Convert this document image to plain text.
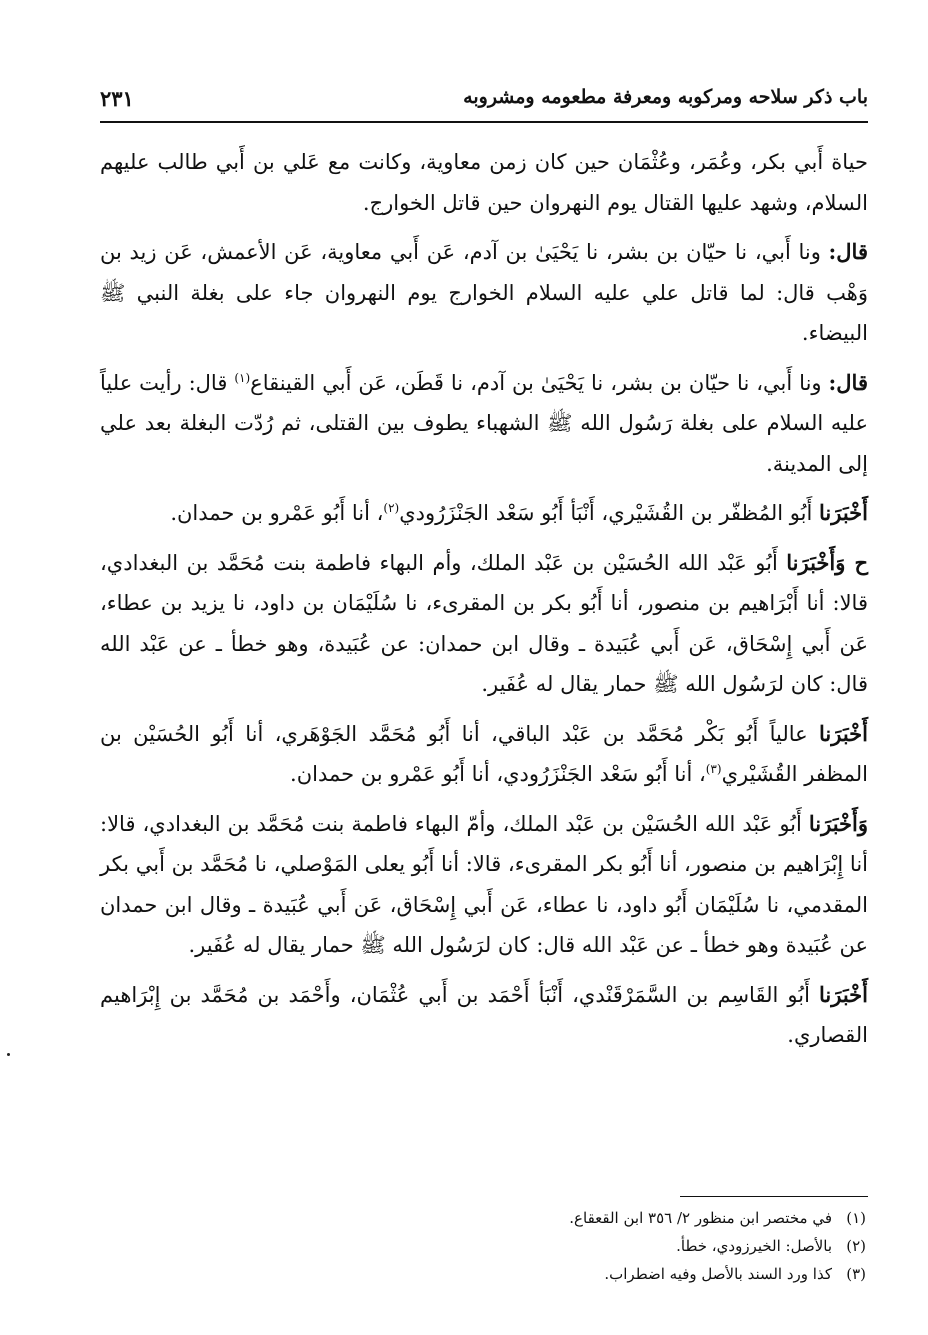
باب ذكر سلاحه ومركوبه ومعرفة مطعومه ومشروبه
٢٣١

حياة أَبي بكر، وعُمَر، وعُثْمَان حين كان زمن معاوية، وكانت مع عَلي بن أَبي طالب عليهم السلام، وشهد عليها القتال يوم النهروان حين قاتل الخوارج.

قال: ونا أَبي، نا حيّان بن بشر، نا يَحْيَىٰ بن آدم، عَن أَبي معاوية، عَن الأعمش، عَن زيد بن وَهْب قال: لما قاتل علي عليه السلام الخوارج يوم النهروان جاء على بغلة النبي ﷺ البيضاء.

قال: ونا أَبي، نا حيّان بن بشر، نا يَحْيَىٰ بن آدم، نا قَطَن، عَن أَبي القينقاع$^{(١)}$ قال: رأيت علياً عليه السلام على بغلة رَسُول الله ﷺ الشهباء يطوف بين القتلى، ثم رُدّت البغلة بعد علي إلى المدينة.

أَخْبَرَنا أَبُو المُظفّر بن القُشَيْري، أَنْبَأ أَبُو سَعْد الجَنْزَرُودي$^{(٢)}$، أنا أَبُو عَمْرو بن حمدان.

ح وَأَخْبَرَنا أَبُو عَبْد الله الحُسَيْن بن عَبْد الملك، وأم البهاء فاطمة بنت مُحَمَّد بن البغدادي، قالا: أنا أَبْرَاهيم بن منصور، أنا أَبُو بكر بن المقرىء، نا سُلَيْمَان بن داود، نا يزيد بن عطاء، عَن أَبي إِسْحَاق، عَن أَبي عُبَيدة ـ وقال ابن حمدان: عن عُبَيدة، وهو خطأ ـ عن عَبْد الله قال: كان لرَسُول الله ﷺ حمار يقال له عُفَير.

أَخْبَرَنا عالياً أَبُو بَكْر مُحَمَّد بن عَبْد الباقي، أنا أَبُو مُحَمَّد الجَوْهَري، أنا أَبُو الحُسَيْن بن المظفر القُشَيْري$^{(٣)}$، أنا أَبُو سَعْد الجَنْزَرُودي، أنا أَبُو عَمْرو بن حمدان.

وَأَخْبَرَنا أَبُو عَبْد الله الحُسَيْن بن عَبْد الملك، وأمّ البهاء فاطمة بنت مُحَمَّد بن البغدادي، قالا: أنا إِبْرَاهيم بن منصور، أنا أَبُو بكر المقرىء، قالا: أنا أَبُو يعلى المَوْصلي، نا مُحَمَّد بن أَبي بكر المقدمي، نا سُلَيْمَان أَبُو داود، نا عطاء، عَن أَبي إِسْحَاق، عَن أَبي عُبَيدة ـ وقال ابن حمدان عن عُبَيدة وهو خطأ ـ عن عَبْد الله قال: كان لرَسُول الله ﷺ حمار يقال له عُفَير.

أَخْبَرَنا أَبُو القَاسِم بن السَّمَرْقَنْدي، أَنْبَأ أَحْمَد بن أَبي عُثْمَان، وأَحْمَد بن مُحَمَّد بن إِبْرَاهيم القصاري.

(١)في مختصر ابن منظور ٢/ ٣٥٦ ابن القعقاع.
(٢)بالأصل: الخيرزودي، خطأ.
(٣)كذا ورد السند بالأصل وفيه اضطراب.
